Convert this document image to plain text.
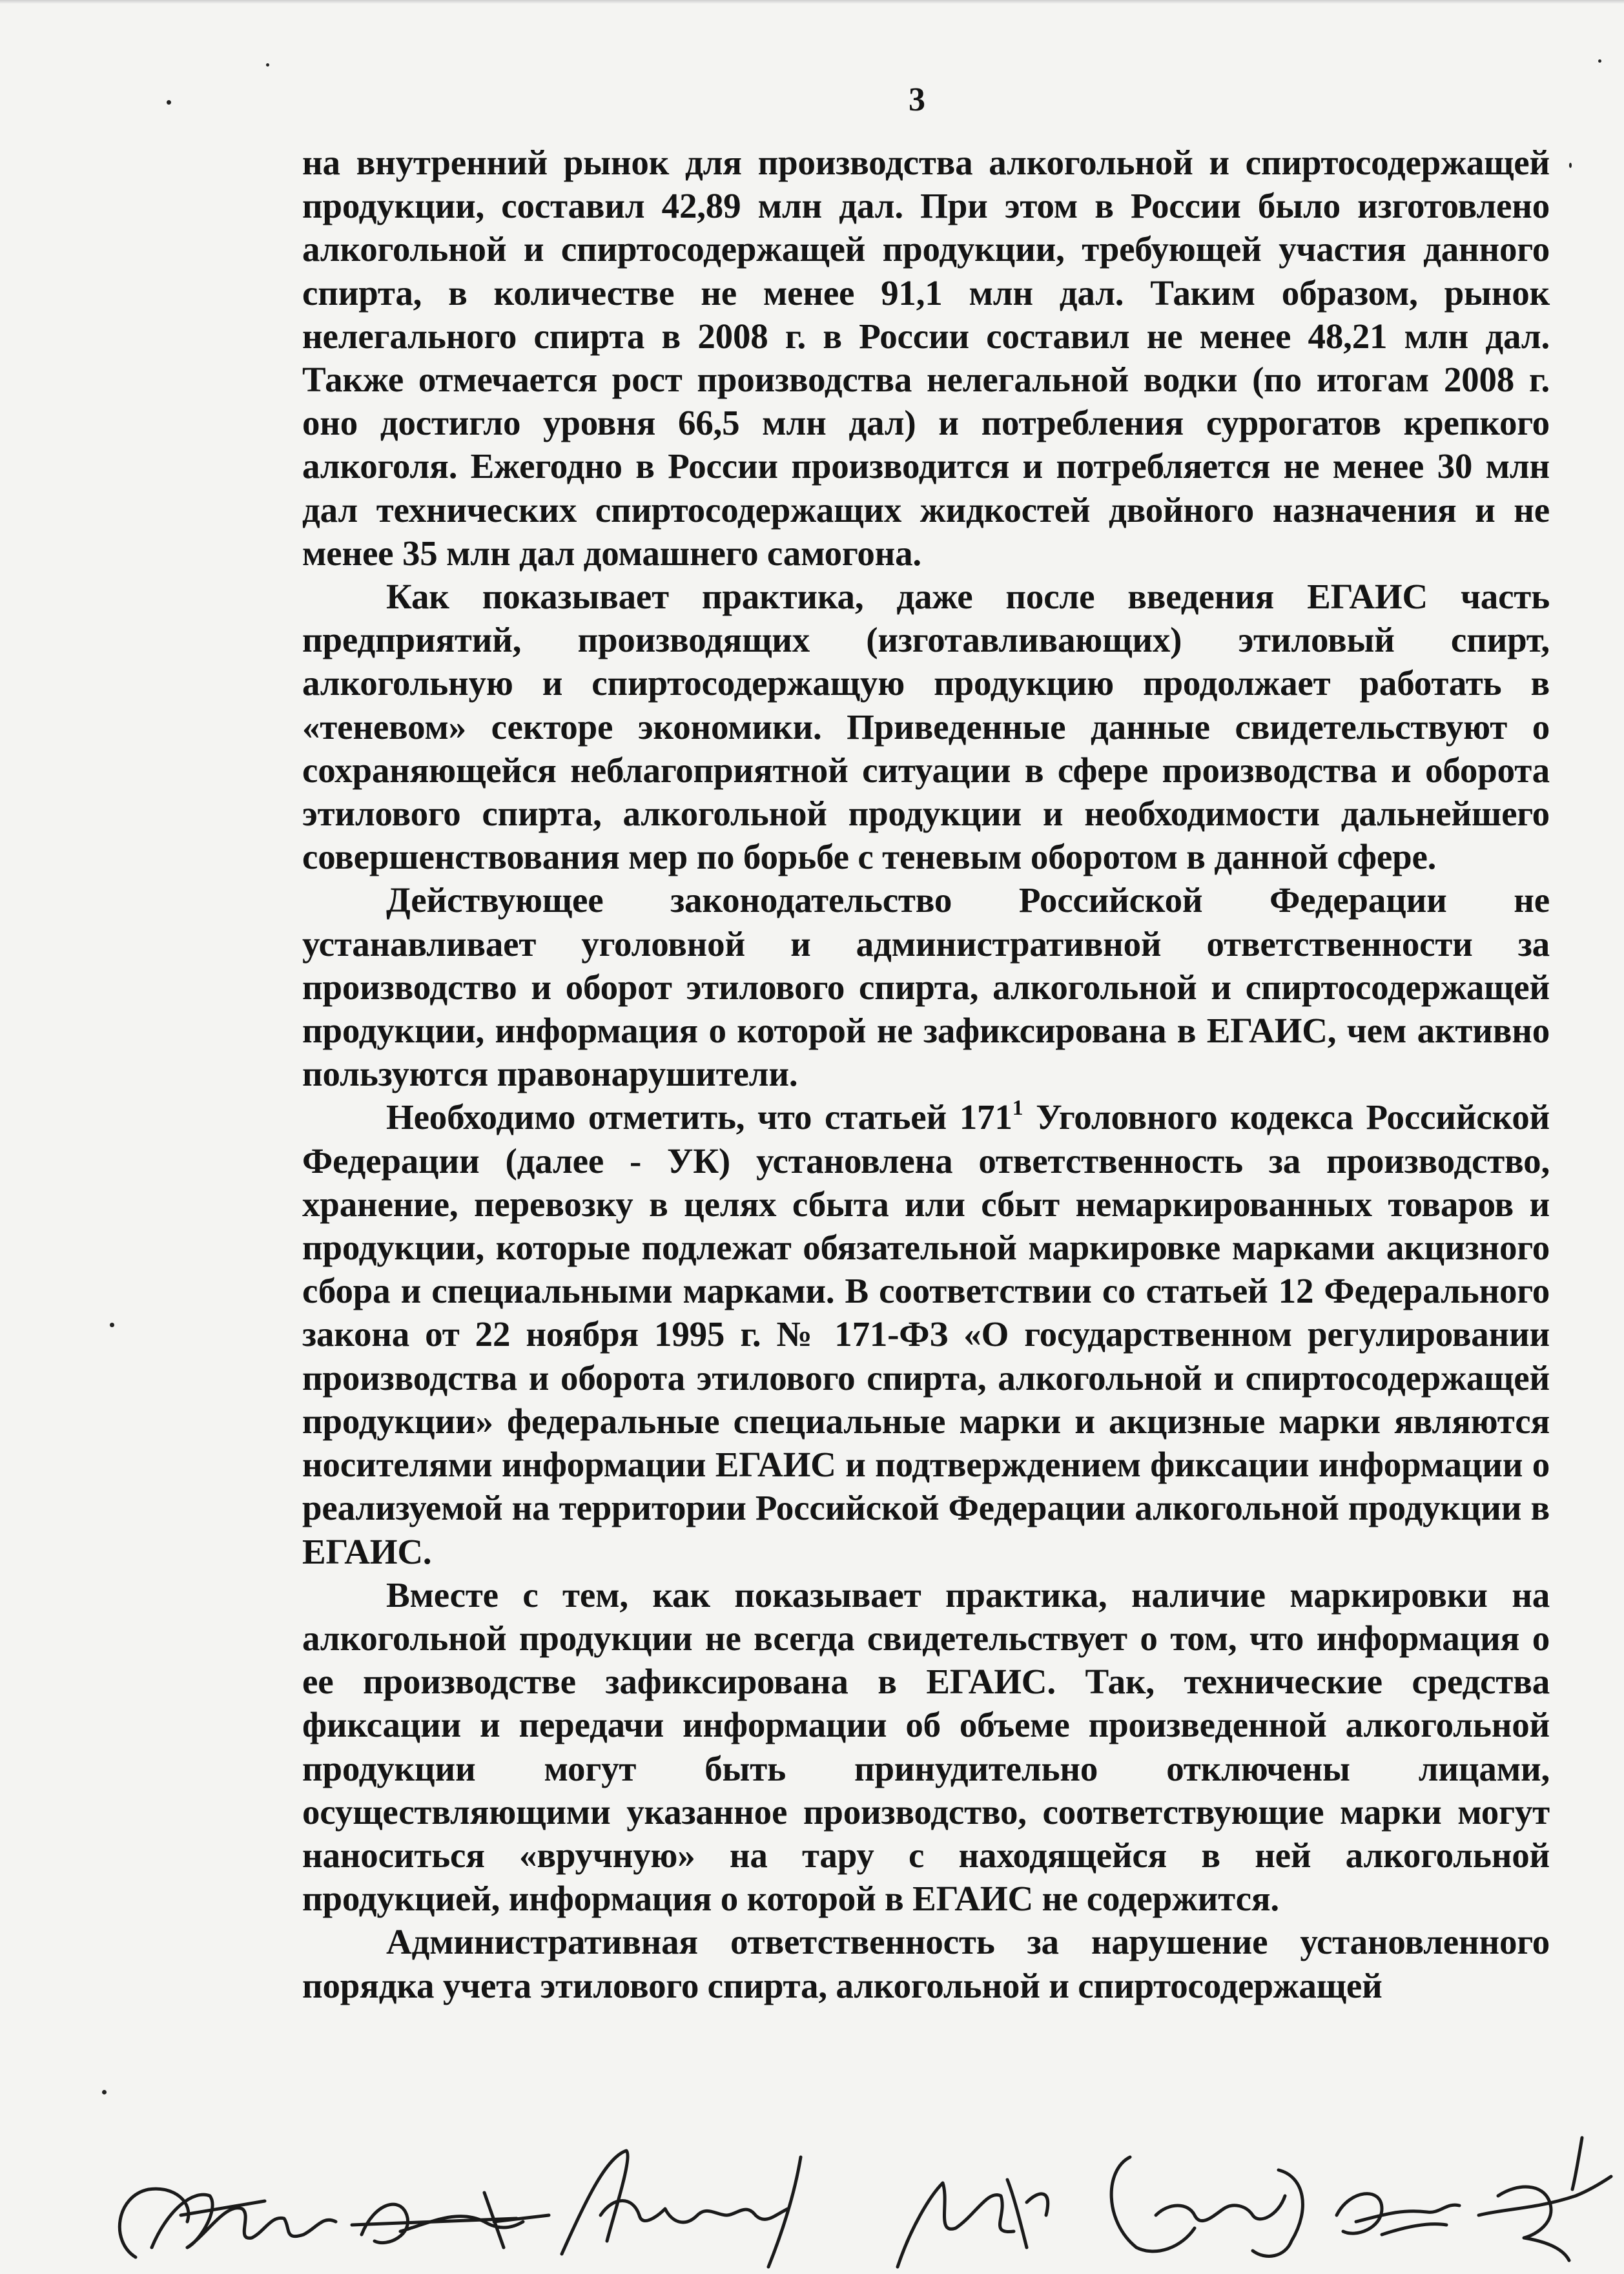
3

на внутренний рынок для производства алкогольной и спиртосодержащей продукции, составил 42,89 млн дал. При этом в России было изготовлено алкогольной и спиртосодержащей продукции, требующей участия данного спирта, в количестве не менее 91,1 млн дал. Таким образом, рынок нелегального спирта в 2008 г. в России составил не менее 48,21 млн дал. Также отмечается рост производства нелегальной водки (по итогам 2008 г. оно достигло уровня 66,5 млн дал) и потребления суррогатов крепкого алкоголя. Ежегодно в России производится и потребляется не менее 30 млн дал технических спиртосодержащих жидкостей двойного назначения и не менее 35 млн дал домашнего самогона.

Как показывает практика, даже после введения ЕГАИС часть предприятий, производящих (изготавливающих) этиловый спирт, алкогольную и спиртосодержащую продукцию продолжает работать в «теневом» секторе экономики. Приведенные данные свидетельствуют о сохраняющейся неблагоприятной ситуации в сфере производства и оборота этилового спирта, алкогольной продукции и необходимости дальнейшего совершенствования мер по борьбе с теневым оборотом в данной сфере.

Действующее законодательство Российской Федерации не устанавливает уголовной и административной ответственности за производство и оборот этилового спирта, алкогольной и спиртосодержащей продукции, информация о которой не зафиксирована в ЕГАИС, чем активно пользуются правонарушители.

Необходимо отметить, что статьей $171^1$ Уголовного кодекса Российской Федерации (далее - УК) установлена ответственность за производство, хранение, перевозку в целях сбыта или сбыт немаркированных товаров и продукции, которые подлежат обязательной маркировке марками акцизного сбора и специальными марками. В соответствии со статьей 12 Федерального закона от 22 ноября 1995 г. № 171-ФЗ «О государственном регулировании производства и оборота этилового спирта, алкогольной и спиртосодержащей продукции» федеральные специальные марки и акцизные марки являются носителями информации ЕГАИС и подтверждением фиксации информации о реализуемой на территории Российской Федерации алкогольной продукции в ЕГАИС.

Вместе с тем, как показывает практика, наличие маркировки на алкогольной продукции не всегда свидетельствует о том, что информация о ее производстве зафиксирована в ЕГАИС. Так, технические средства фиксации и передачи информации об объеме произведенной алкогольной продукции могут быть принудительно отключены лицами, осуществляющими указанное производство, соответствующие марки могут наноситься «вручную» на тару с находящейся в ней алкогольной продукцией, информация о которой в ЕГАИС не содержится.

Административная ответственность за нарушение установленного порядка учета этилового спирта, алкогольной и спиртосодержащей
